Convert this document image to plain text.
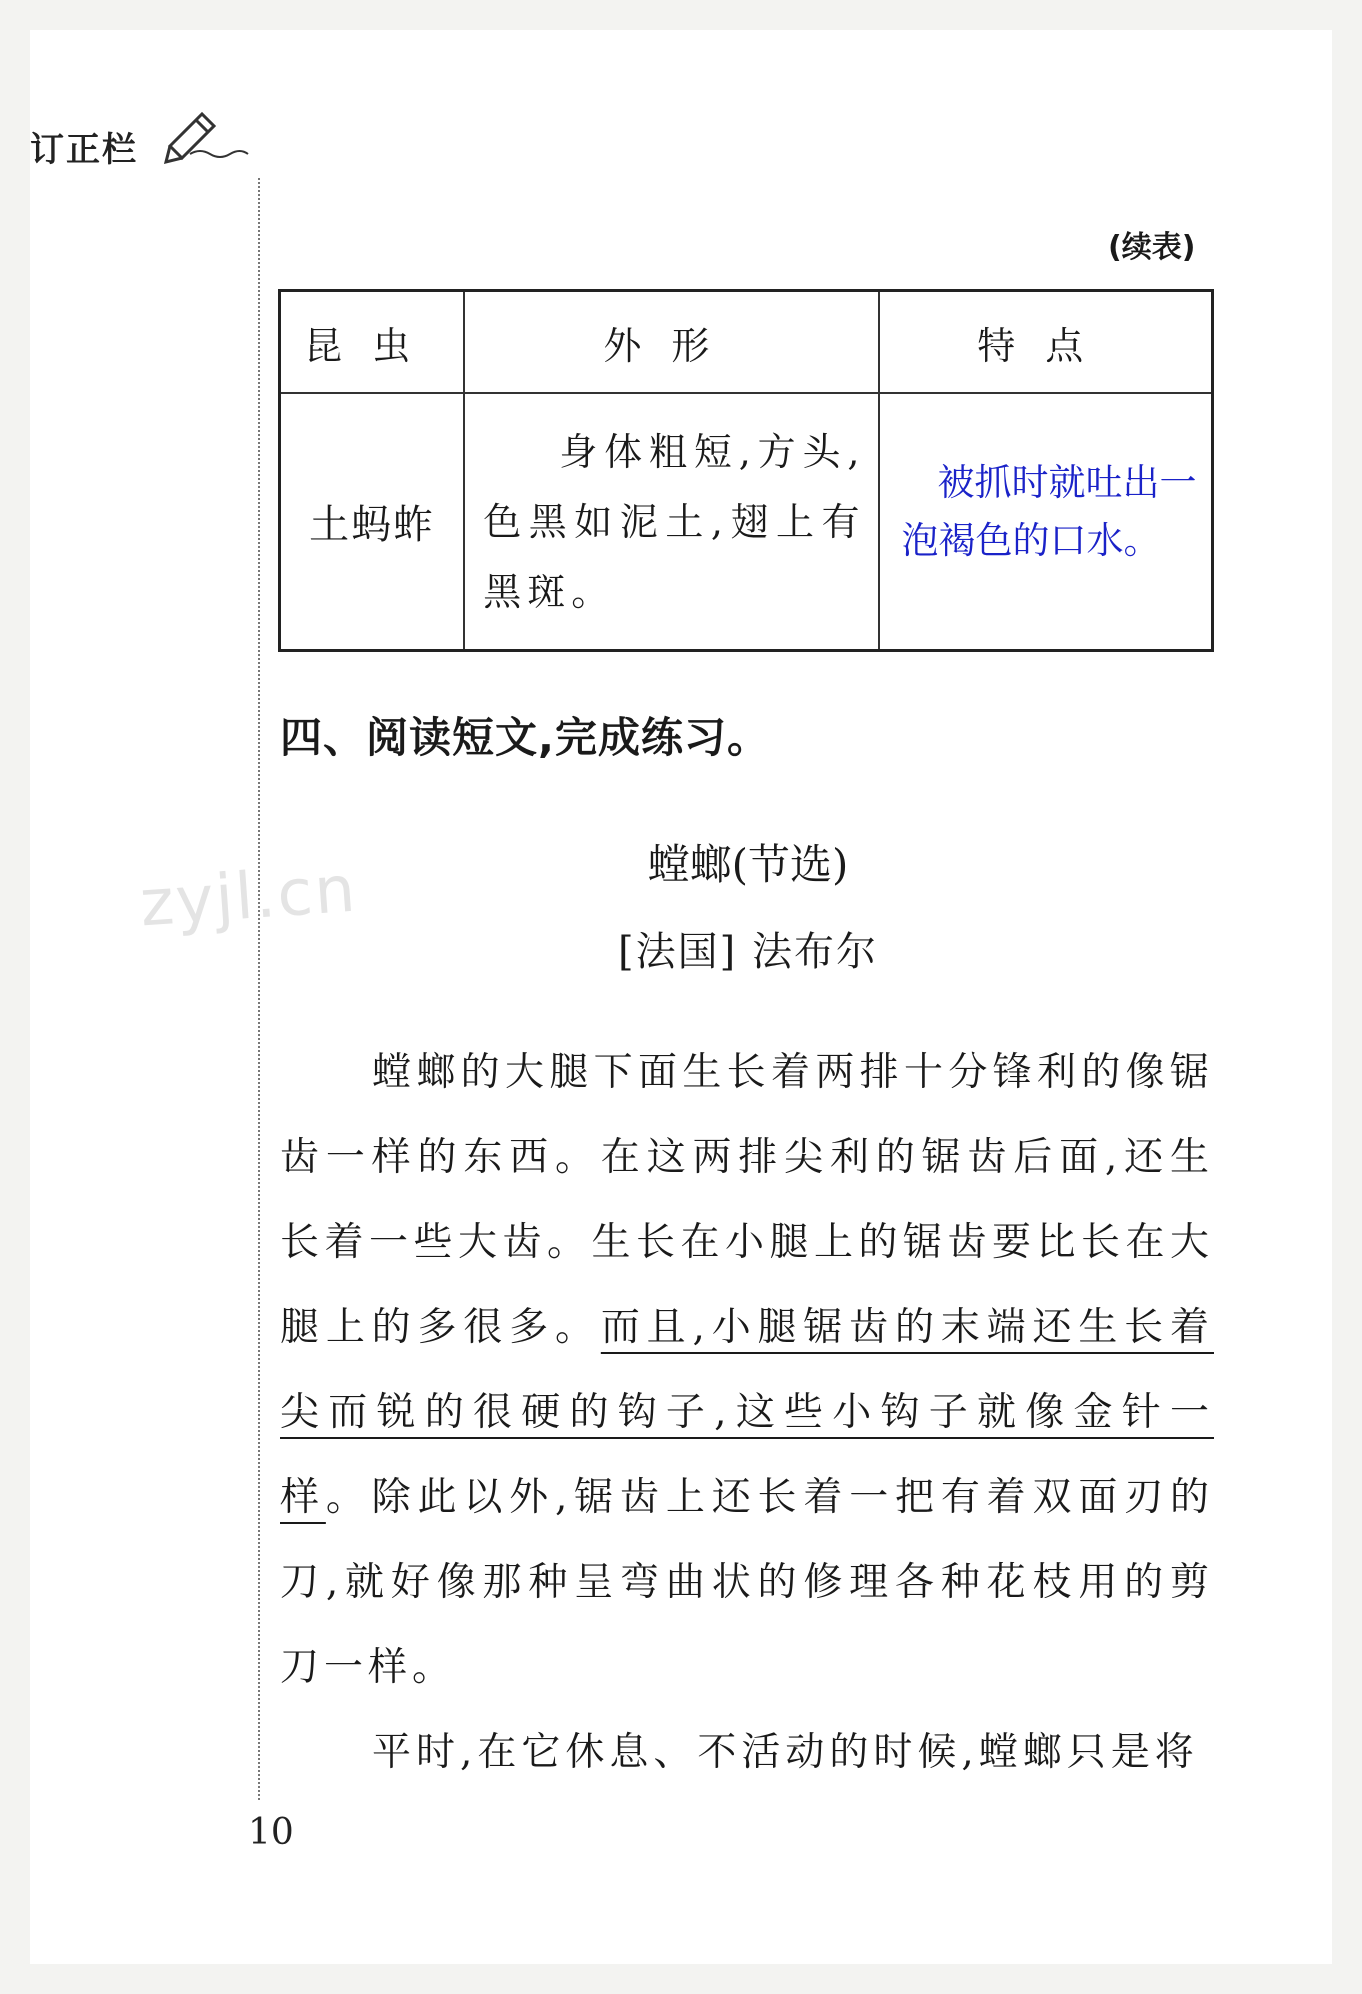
订正栏
(续表)
昆虫	外形	特点
土蚂蚱	身体粗短,方头,色黑如泥土,翅上有黑斑。	被抓时就吐出一泡褐色的口水。
四、阅读短文,完成练习。
zyjl.cn	螳螂(节选)
[法国] 法布尔
螳螂的大腿下面生长着两排十分锋利的像锯齿一样的东西。在这两排尖利的锯齿后面,还生长着一些大齿。生长在小腿上的锯齿要比长在大腿上的多很多。而且,小腿锯齿的末端还生长着尖而锐的很硬的钩子,这些小钩子就像金针一样。除此以外,锯齿上还长着一把有着双面刃的刀,就好像那种呈弯曲状的修理各种花枝用的剪刀一样。
平时,在它休息、不活动的时候,螳螂只是将
10
